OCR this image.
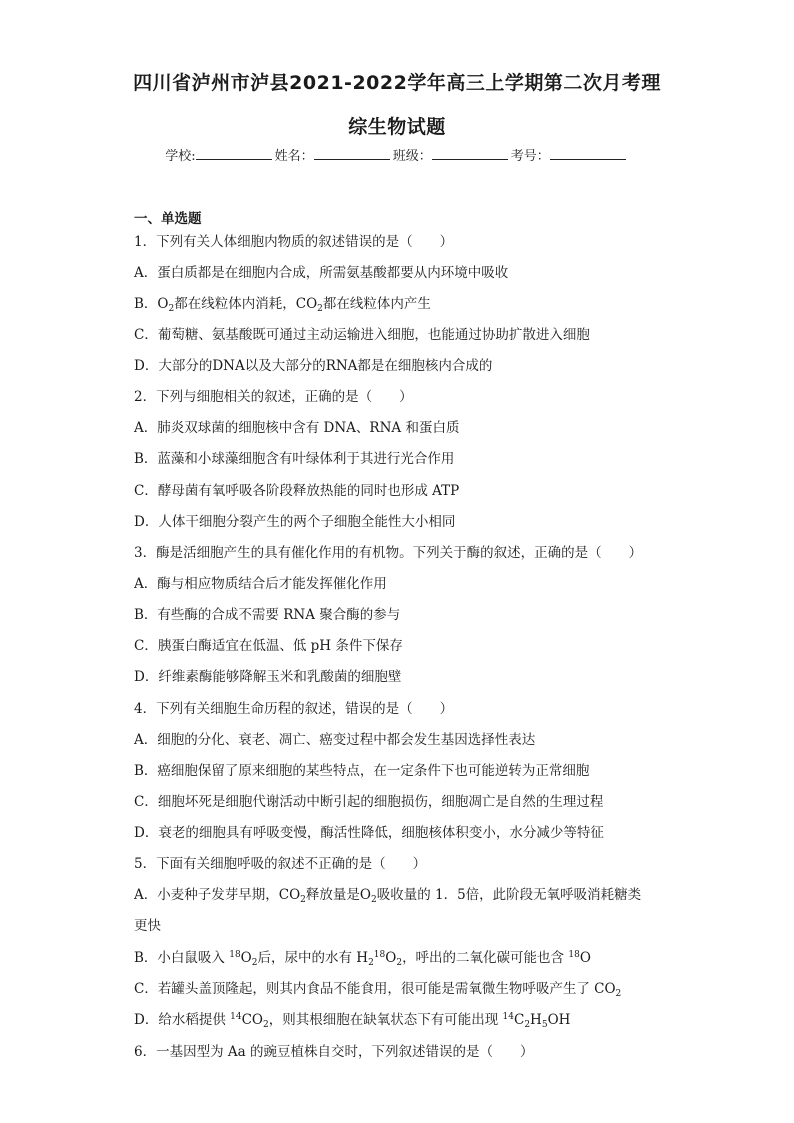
四川省泸州市泸县2021-2022学年高三上学期第二次月考理
综生物试题
学校:	姓名：	班级：	考号：
一、单选题
1．下列有关人体细胞内物质的叙述错误的是（　　）
A．蛋白质都是在细胞内合成，所需氨基酸都要从内环境中吸收
B．$O_2$都在线粒体内消耗，$CO_2$都在线粒体内产生
C．葡萄糖、氨基酸既可通过主动运输进入细胞，也能通过协助扩散进入细胞
D．大部分的DNA以及大部分的RNA都是在细胞核内合成的
2．下列与细胞相关的叙述，正确的是（　　）
A．肺炎双球菌的细胞核中含有 DNA、RNA 和蛋白质
B．蓝藻和小球藻细胞含有叶绿体利于其进行光合作用
C．酵母菌有氧呼吸各阶段释放热能的同时也形成 ATP
D．人体干细胞分裂产生的两个子细胞全能性大小相同
3．酶是活细胞产生的具有催化作用的有机物。下列关于酶的叙述，正确的是（　　）
A．酶与相应物质结合后才能发挥催化作用
B．有些酶的合成不需要 RNA 聚合酶的参与
C．胰蛋白酶适宜在低温、低 pH 条件下保存
D．纤维素酶能够降解玉米和乳酸菌的细胞壁
4．下列有关细胞生命历程的叙述，错误的是（　　）
A．细胞的分化、衰老、凋亡、癌变过程中都会发生基因选择性表达
B．癌细胞保留了原来细胞的某些特点，在一定条件下也可能逆转为正常细胞
C．细胞坏死是细胞代谢活动中断引起的细胞损伤，细胞凋亡是自然的生理过程
D．衰老的细胞具有呼吸变慢，酶活性降低，细胞核体积变小，水分减少等特征
5．下面有关细胞呼吸的叙述不正确的是（　　）
A．小麦种子发芽早期，$CO_2$释放量是$O_2$吸收量的 1．5倍，此阶段无氧呼吸消耗糖类
更快
B．小白鼠吸入 $^{18}O_2$后，尿中的水有 $H_2^{18}O_2$，呼出的二氧化碳可能也含 $^{18}$O
C．若罐头盖顶隆起，则其内食品不能食用，很可能是需氧微生物呼吸产生了 $CO_2$
D．给水稻提供 $^{14}CO_2$，则其根细胞在缺氧状态下有可能出现 $^{14}C_2H_5OH$
6．一基因型为 Aa 的豌豆植株自交时，下列叙述错误的是（　　）
